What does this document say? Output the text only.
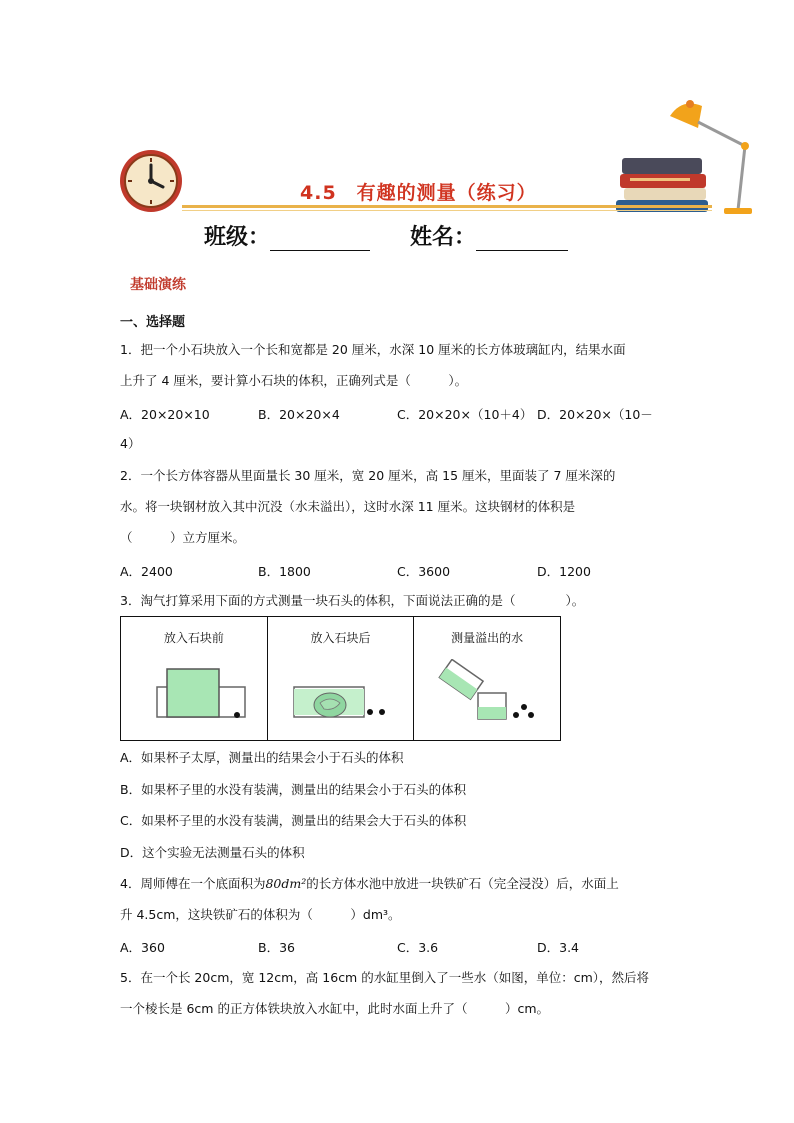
4.5　有趣的测量（练习）
班级：	姓名：
基础演练
一、选择题
1．把一个小石块放入一个长和宽都是 20 厘米，水深 10 厘米的长方体玻璃缸内，结果水面
上升了 4 厘米，要计算小石块的体积，正确列式是（　　　）。
A．20×20×10	B．20×20×4	C．20×20×（10＋4） D．20×20×（10－
4）
2．一个长方体容器从里面量长 30 厘米，宽 20 厘米，高 15 厘米，里面装了 7 厘米深的
水。将一块钢材放入其中沉没（水未溢出），这时水深 11 厘米。这块钢材的体积是
（　　　）立方厘米。
A．2400	B．1800	C．3600	D．1200
3．淘气打算采用下面的方式测量一块石头的体积，下面说法正确的是（　　　　）。
放入石块前	放入石块后	测量溢出的水
A．如果杯子太厚，测量出的结果会小于石头的体积
B．如果杯子里的水没有装满，测量出的结果会小于石头的体积
C．如果杯子里的水没有装满，测量出的结果会大于石头的体积
D．这个实验无法测量石头的体积
4．周师傅在一个底面积为80dm²的长方体水池中放进一块铁矿石（完全浸没）后，水面上
升 4.5cm，这块铁矿石的体积为（　　　）dm³。
A．360	B．36	C．3.6	D．3.4
5．在一个长 20cm，宽 12cm，高 16cm 的水缸里倒入了一些水（如图，单位：cm），然后将
一个棱长是 6cm 的正方体铁块放入水缸中，此时水面上升了（　　　）cm。
